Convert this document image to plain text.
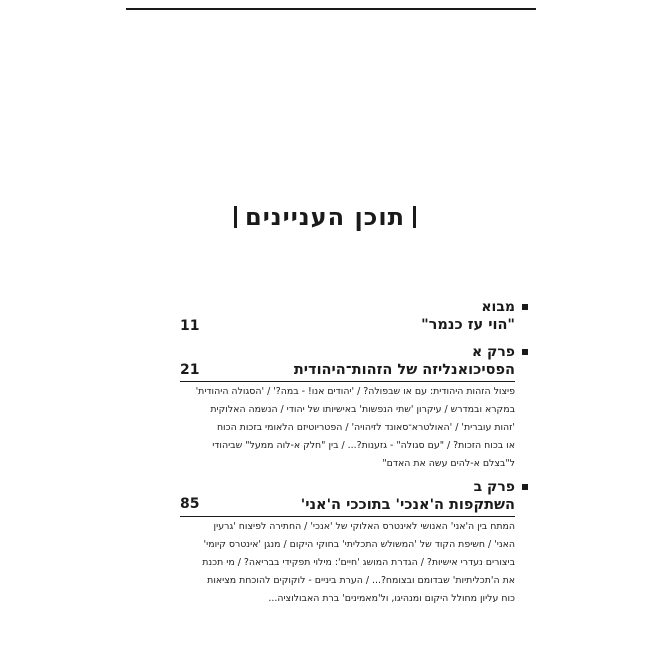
תוכן העניינים
מבוא
"הוי עז כנמר"
11
פרק א
21	הפסיכואנליזה של הזהות־היהודית
פיצול הזהות היהודית: עם או שבפולה? / 'יהודים אנו! - במה?' / 'הסגולה היהודית'
במקרא ובמדרש / עיקרון 'שתי הנפשות' באישיותו של יהודי / הנשמה האלוקית
'זהות עוברית' / 'האולטרא־סאונד לזיהויה' / הפטריוטיזם הלאומי בזכות הכוח
או בכוח הזכות? / "עם סגולה" - גזענות?... / בין "חלק א-לוה ממעל" שביהודי
ל"בצלם א-להים עשה את האדם"
פרק ב
השתקפות ה'אנכי' בתוככי ה'אני'
85
המתח בין ה'אני' האנושי לאינטרס האלוקי של 'אנכי' / החתירה לפיצוח 'גרעין
האני' / חשיפת הקוד של 'המשולש התכליתי' בחוקי היקום / מנגן 'אינטרס קיומי'
ביצורים נעדרי אישיות? / הגדרת המושג 'חיים': מילוי תפקידי בבריאה? / מי תכנת
את ה'תכליתיות' שבדומם ובצומח?... / הערת ביניים - לוקוקים להוכחת מציאות
כוח עליון מחולל היקום ומנהיגו, ול'מאמינים' ברת האבולוציה...
